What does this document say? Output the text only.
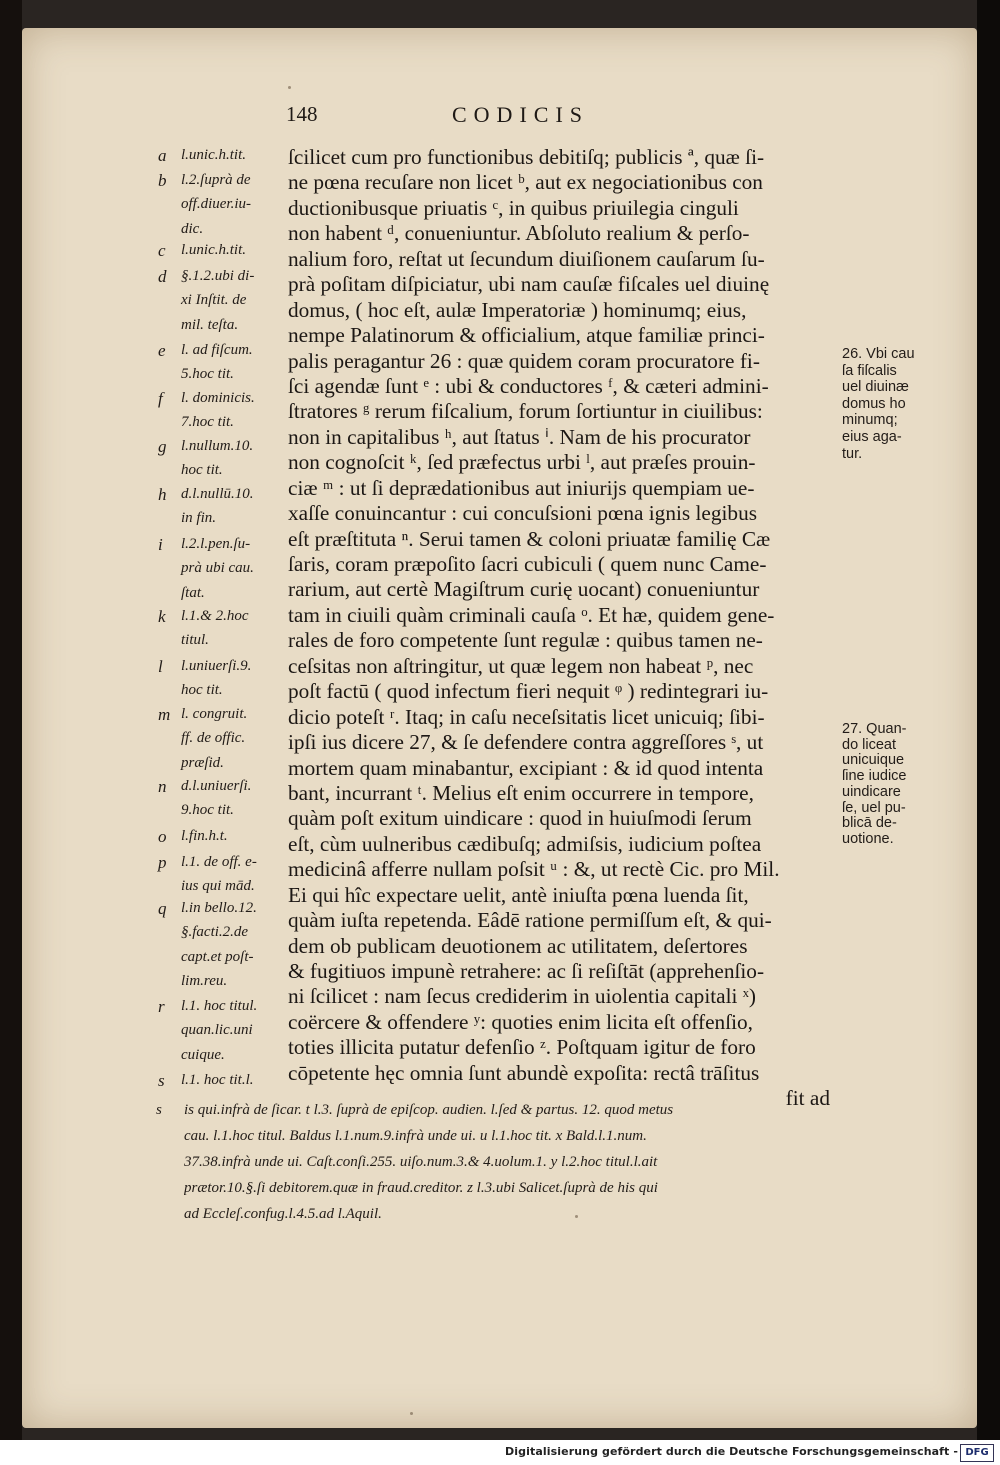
148	CODICIS
ſcilicet cum pro functionibus debitiſq; publicis ª, quæ ſi-
ne pœna recuſare non licet ᵇ, aut ex negociationibus con
ductionibusque priuatis ᶜ, in quibus priuilegia cinguli
non habent ᵈ, conueniuntur. Abſoluto realium & perſo-
nalium foro, reſtat ut ſecundum diuiſionem cauſarum ſu-
prà poſitam diſpiciatur, ubi nam cauſæ fiſcales uel diuinę
domus, ( hoc eſt, aulæ Imperatoriæ ) hominumq; eius,
nempe Palatinorum & officialium, atque familiæ princi-
palis peragantur 26 : quæ quidem coram procuratore fi-
ſci agendæ ſunt ᵉ : ubi & conductores ᶠ, & cæteri admini-
ſtratores ᵍ rerum fiſcalium, forum ſortiuntur in ciuilibus:
non in capitalibus ʰ, aut ſtatus ⁱ. Nam de his procurator
non cognoſcit ᵏ, ſed præfectus urbi ˡ, aut præſes prouin-
ciæ ᵐ : ut ſi deprædationibus aut iniurijs quempiam ue-
xaſſe conuincantur : cui concuſsioni pœna ignis legibus
eſt præſtituta ⁿ. Serui tamen & coloni priuatæ familię Cæ
ſaris, coram præpoſito ſacri cubiculi ( quem nunc Came-
rarium, aut certè Magiſtrum curię uocant) conueniuntur
tam in ciuili quàm criminali cauſa ᵒ. Et hæ, quidem gene-
rales de foro competente ſunt regulæ : quibus tamen ne-
ceſsitas non aſtringitur, ut quæ legem non habeat ᵖ, nec
poſt factū ( quod infectum fieri nequit ᵠ ) redintegrari iu-
dicio poteſt ʳ. Itaq; in caſu neceſsitatis licet unicuiq; ſibi-
ipſi ius dicere 27, & ſe defendere contra aggreſſores ˢ, ut
mortem quam minabantur, excipiant : & id quod intenta
bant, incurrant ᵗ. Melius eſt enim occurrere in tempore,
quàm poſt exitum uindicare : quod in huiuſmodi ſerum
eſt, cùm uulneribus cædibuſq; admiſsis, iudicium poſtea
medicinâ afferre nullam poſsit ᵘ : &, ut rectè Cic. pro Mil.
Ei qui hîc expectare uelit, antè iniuſta pœna luenda ſit,
quàm iuſta repetenda. Eâdē ratione permiſſum eſt, & qui-
dem ob publicam deuotionem ac utilitatem, deſertores
& fugitiuos impunè retrahere: ac ſi reſiſtāt (apprehenſio-
ni ſcilicet : nam ſecus crediderim in uiolentia capitali ˣ)
coërcere & offendere ʸ: quoties enim licita eſt offenſio,
toties illicita putatur defenſio ᶻ. Poſtquam igitur de foro
cōpetente hęc omnia ſunt abundè expoſita: rectâ trāſitus
fit ad
a l.unic.h.tit.
b l.2.ſuprà de
off.diuer.iu-
dic.
c l.unic.h.tit.
d §.1.2.ubi di-
xi Inſtit. de
mil. teſta.
e l. ad fiſcum.
5.hoc tit.
f l. dominicis.
7.hoc tit.
g l.nullum.10.
hoc tit.
h d.l.nullū.10.
in fin.
i l.2.l.pen.ſu-
prà ubi cau.
ſtat.
k l.1.& 2.hoc
titul.
l l.uniuerſi.9.
hoc tit.
m l. congruit.
ff. de offic.
præſid.
n d.l.uniuerſi.
9.hoc tit.
o l.fin.h.t.
p l.1. de off. e-
ius qui mād.
q l.in bello.12.
§.facti.2.de
capt.et poſt-
lim.reu.
r l.1. hoc titul.
quan.lic.uni
cuique.
s l.1. hoc tit.l.
26. Vbi cau
ſa fiſcalis
uel diuinæ
domus ho
minumq;
eius aga-
tur.
27. Quan-
do liceat
unicuique
ſine iudice
uindicare
ſe, uel pu-
blicā de-
uotione.
s is qui.infrà de ſicar. t l.3. ſuprà de epiſcop. audien. l.ſed & partus. 12. quod metus
cau. l.1.hoc titul. Baldus l.1.num.9.infrà unde ui. u l.1.hoc tit. x Bald.l.1.num.
37.38.infrà unde ui. Caſt.conſi.255. uiſo.num.3.& 4.uolum.1. y l.2.hoc titul.l.ait
prætor.10.§.ſi debitorem.quæ in fraud.creditor. z l.3.ubi Salicet.ſuprà de his qui
ad Eccleſ.confug.l.4.5.ad l.Aquil.
Digitalisierung gefördert durch die Deutsche Forschungsgemeinschaft - DFG
